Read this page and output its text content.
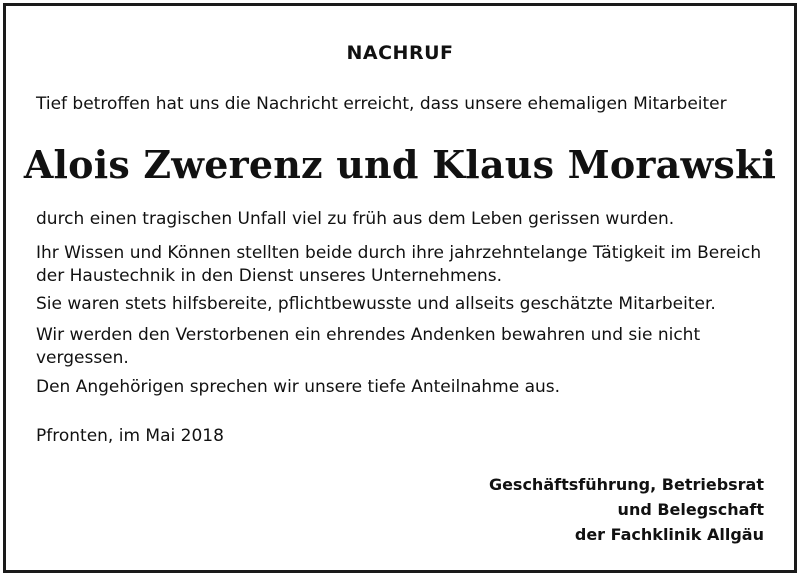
NACHRUF
Tief betroffen hat uns die Nachricht erreicht, dass unsere ehemaligen Mitarbeiter
Alois Zwerenz und Klaus Morawski
durch einen tragischen Unfall viel zu früh aus dem Leben gerissen wurden.
Ihr Wissen und Können stellten beide durch ihre jahrzehntelange Tätigkeit im Bereich der Haustechnik in den Dienst unseres Unternehmens.
Sie waren stets hilfsbereite, pflichtbewusste und allseits geschätzte Mitarbeiter.
Wir werden den Verstorbenen ein ehrendes Andenken bewahren und sie nicht vergessen.
Den Angehörigen sprechen wir unsere tiefe Anteilnahme aus.
Pfronten, im Mai 2018
Geschäftsführung, Betriebsrat
und Belegschaft
der Fachklinik Allgäu
